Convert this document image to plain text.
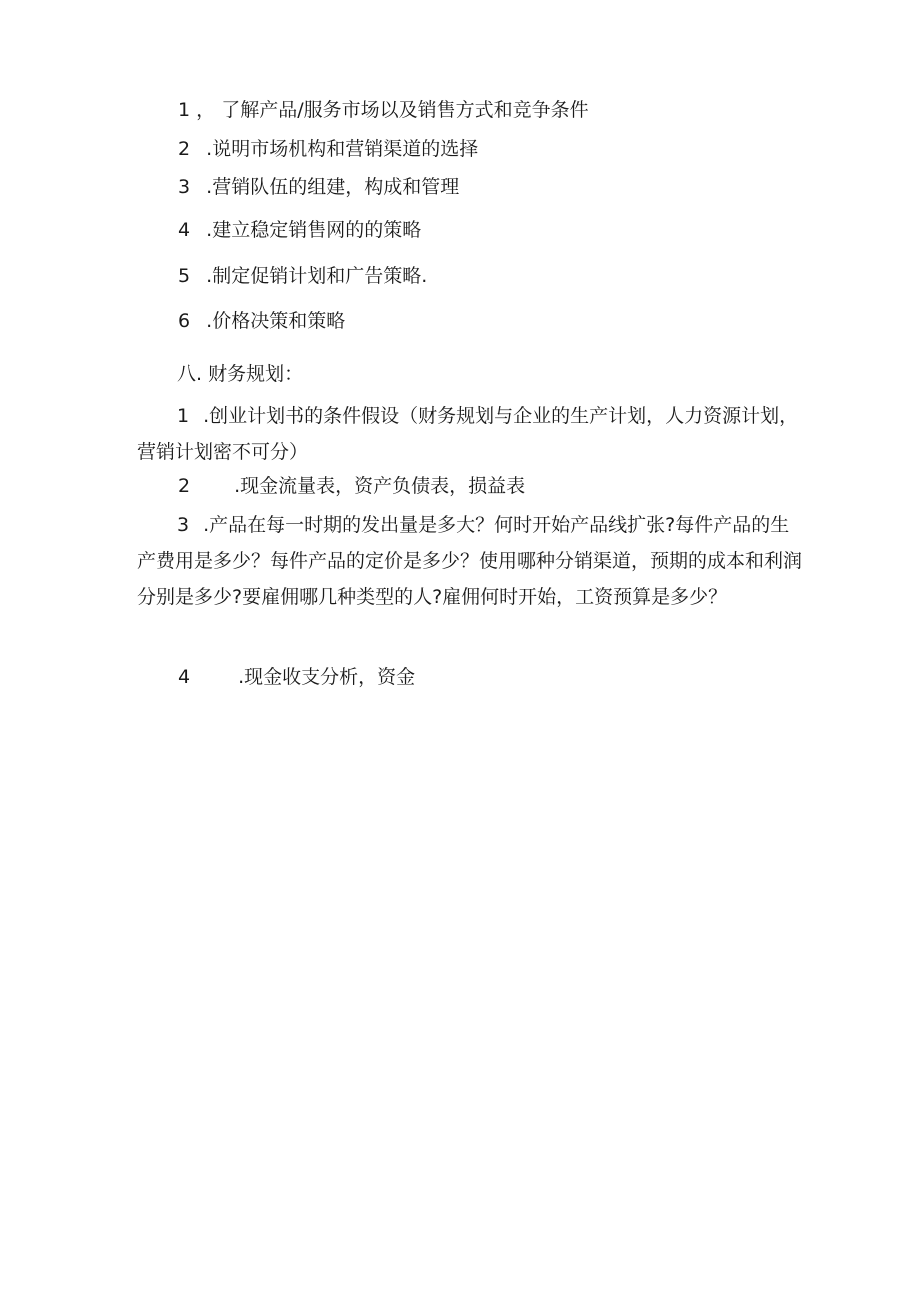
1 ， 了解产品/服务市场以及销售方式和竞争条件
2 .说明市场机构和营销渠道的选择
3 .营销队伍的组建，构成和管理
4 .建立稳定销售网的的策略
5 .制定促销计划和广告策略.
6 .价格决策和策略
八. 财务规划：
1 .创业计划书的条件假设（财务规划与企业的生产计划，人力资源计划，营销计划密不可分）
2 .现金流量表，资产负债表，损益表
3 .产品在每一时期的发出量是多大？何时开始产品线扩张?每件产品的生产费用是多少？每件产品的定价是多少？使用哪种分销渠道，预期的成本和利润分别是多少?要雇佣哪几种类型的人?雇佣何时开始，工资预算是多少？
4	.现金收支分析，资金
